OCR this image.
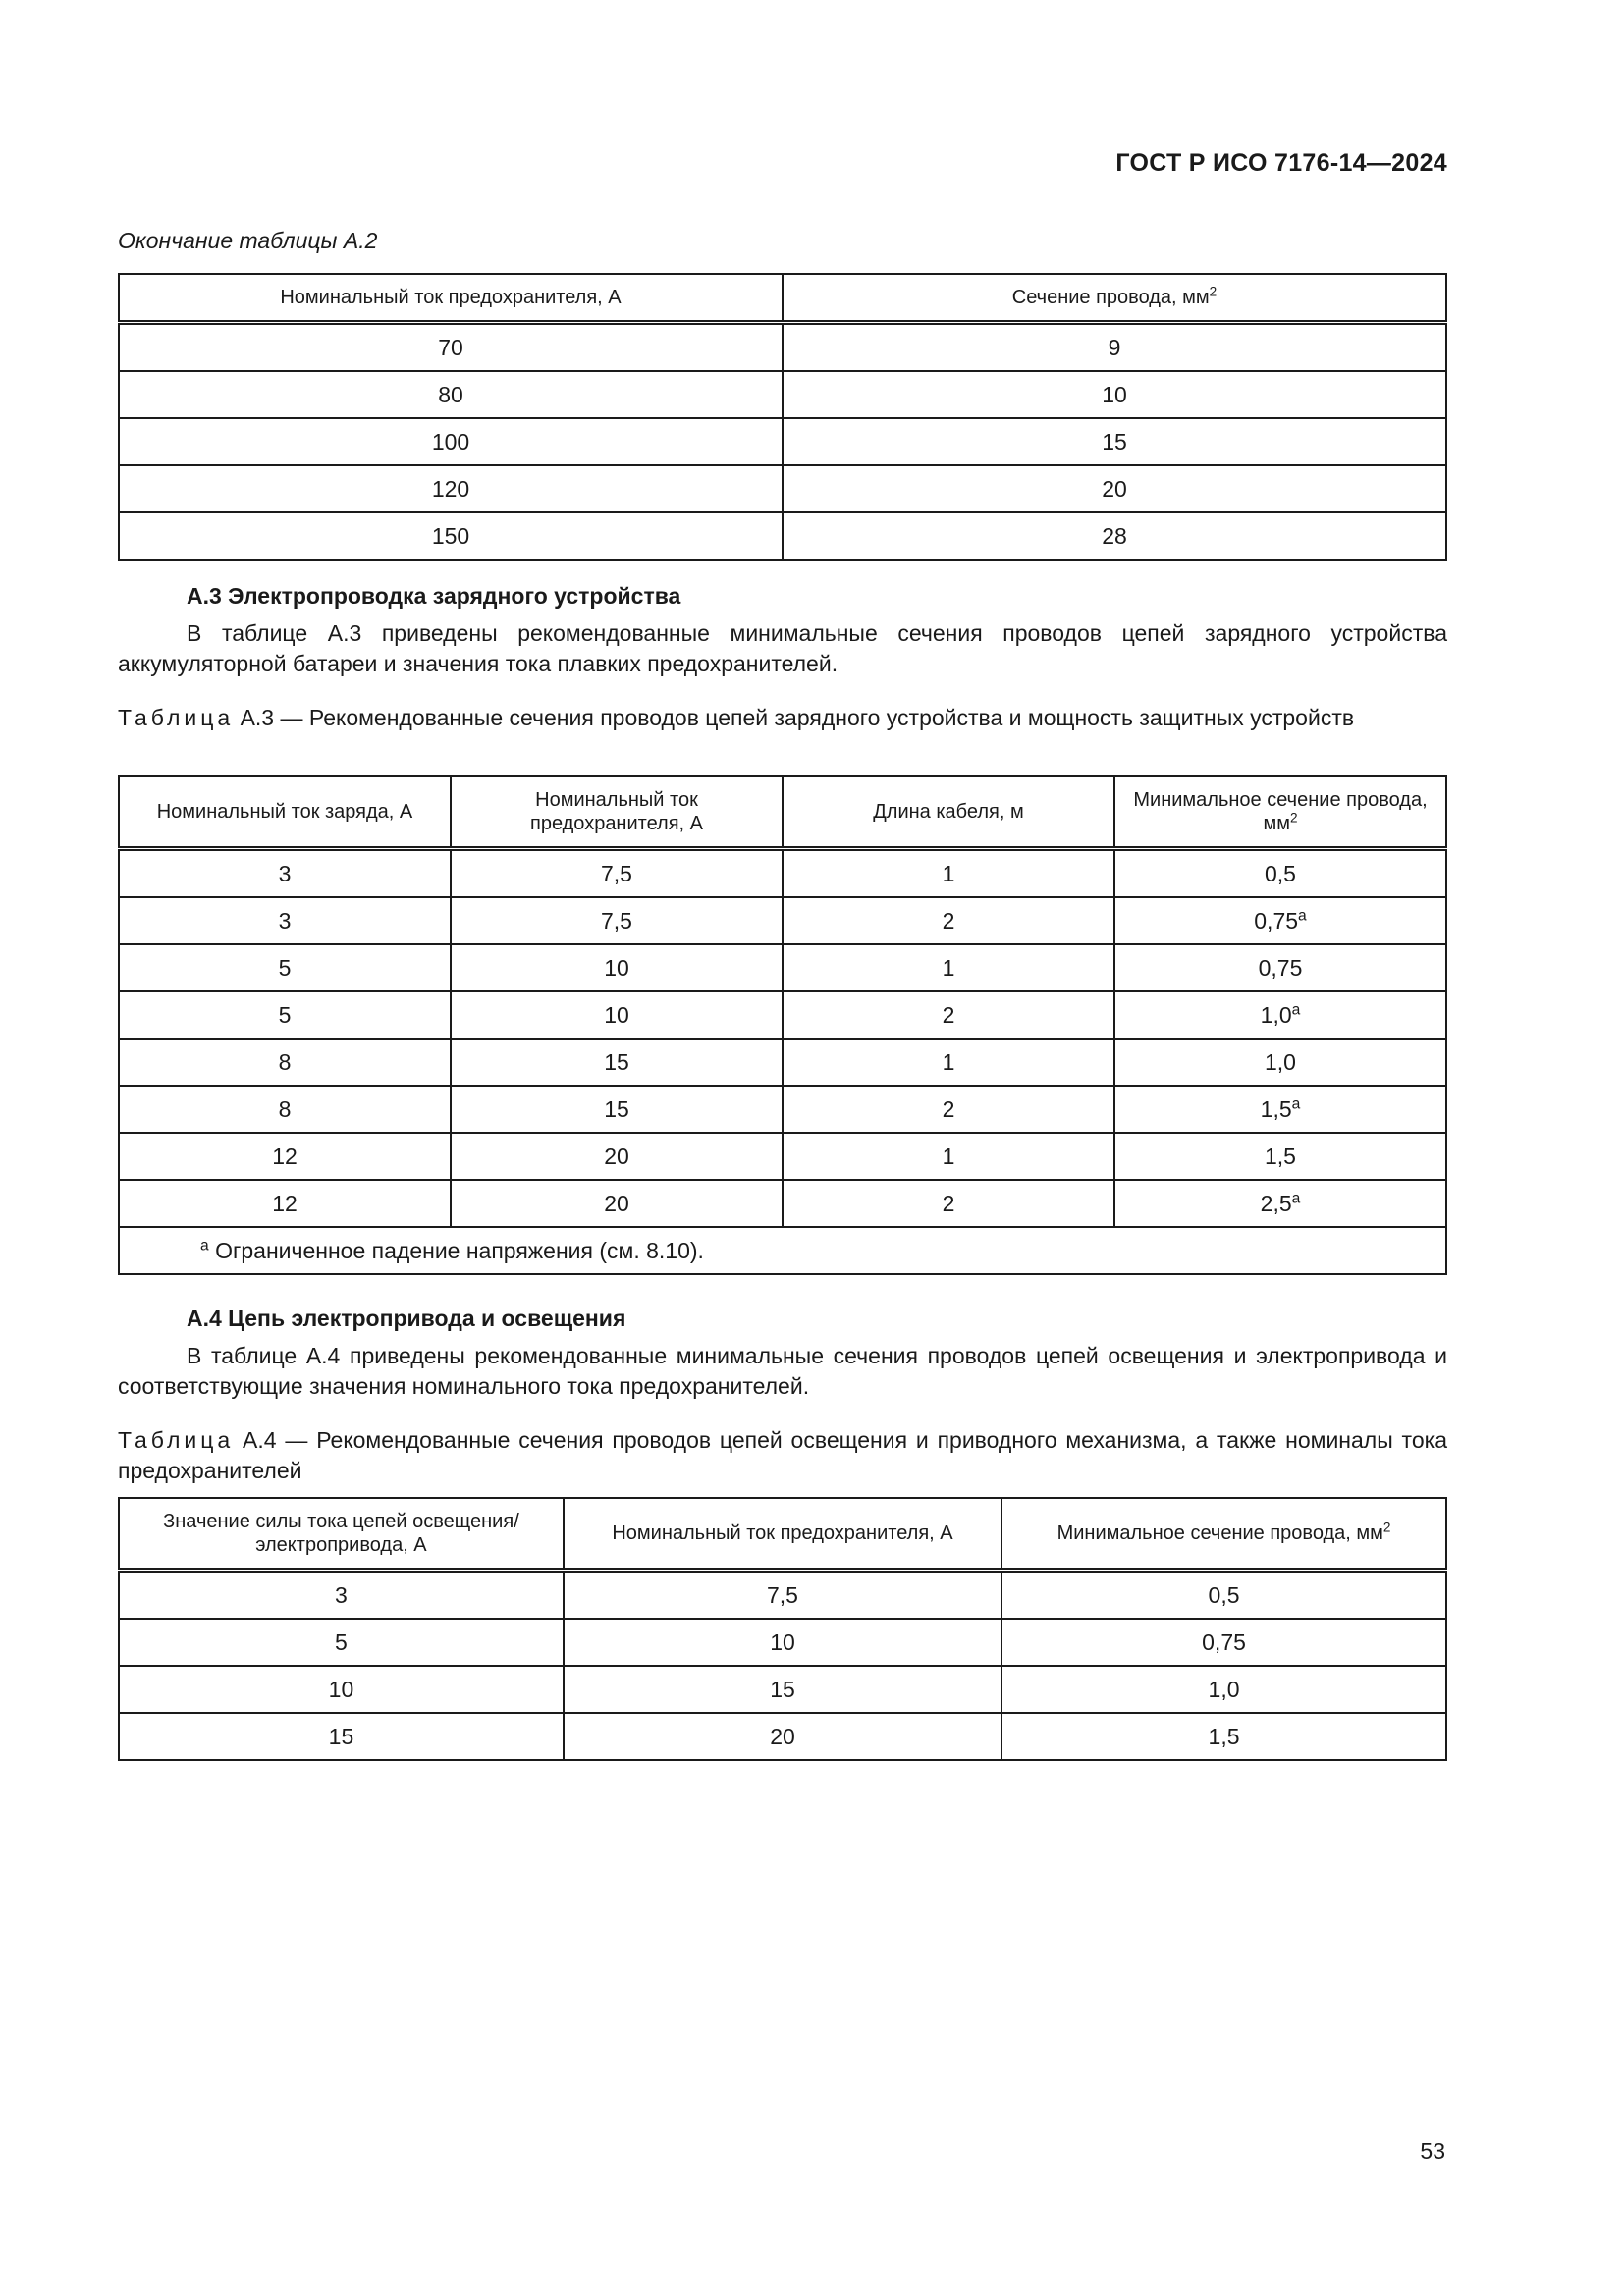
ГОСТ Р ИСО 7176-14—2024
Окончание таблицы А.2
Номинальный ток предохранителя, А	Сечение провода, $мм^2$
70	9
80	10
100	15
120	20
150	28
А.3 Электропроводка зарядного устройства
В таблице А.3 приведены рекомендованные минимальные сечения проводов цепей зарядного устройства аккумуляторной батареи и значения тока плавких предохранителей.
Таблица А.3 — Рекомендованные сечения проводов цепей зарядного устройства и мощность защитных устройств
Номинальный ток заряда, А	Номинальный ток предохранителя, А	Длина кабеля, м	Минимальное сечение провода, $мм^2$
3	7,5	1	0,5
3	7,5	2	$0,75^а$
5	10	1	0,75
5	10	2	$1,0^а$
8	15	1	1,0
8	15	2	$1,5^а$
12	20	1	1,5
12	20	2	$2,5^а$
$^а$ Ограниченное падение напряжения (см. 8.10).			
А.4 Цепь электропривода и освещения
В таблице А.4 приведены рекомендованные минимальные сечения проводов цепей освещения и электропривода и соответствующие значения номинального тока предохранителей.
Таблица А.4 — Рекомендованные сечения проводов цепей освещения и приводного механизма, а также номиналы тока предохранителей
Значение силы тока цепей освещения/ электропривода, А	Номинальный ток предохранителя, А	Минимальное сечение провода, $мм^2$
3	7,5	0,5
5	10	0,75
10	15	1,0
15	20	1,5
53
